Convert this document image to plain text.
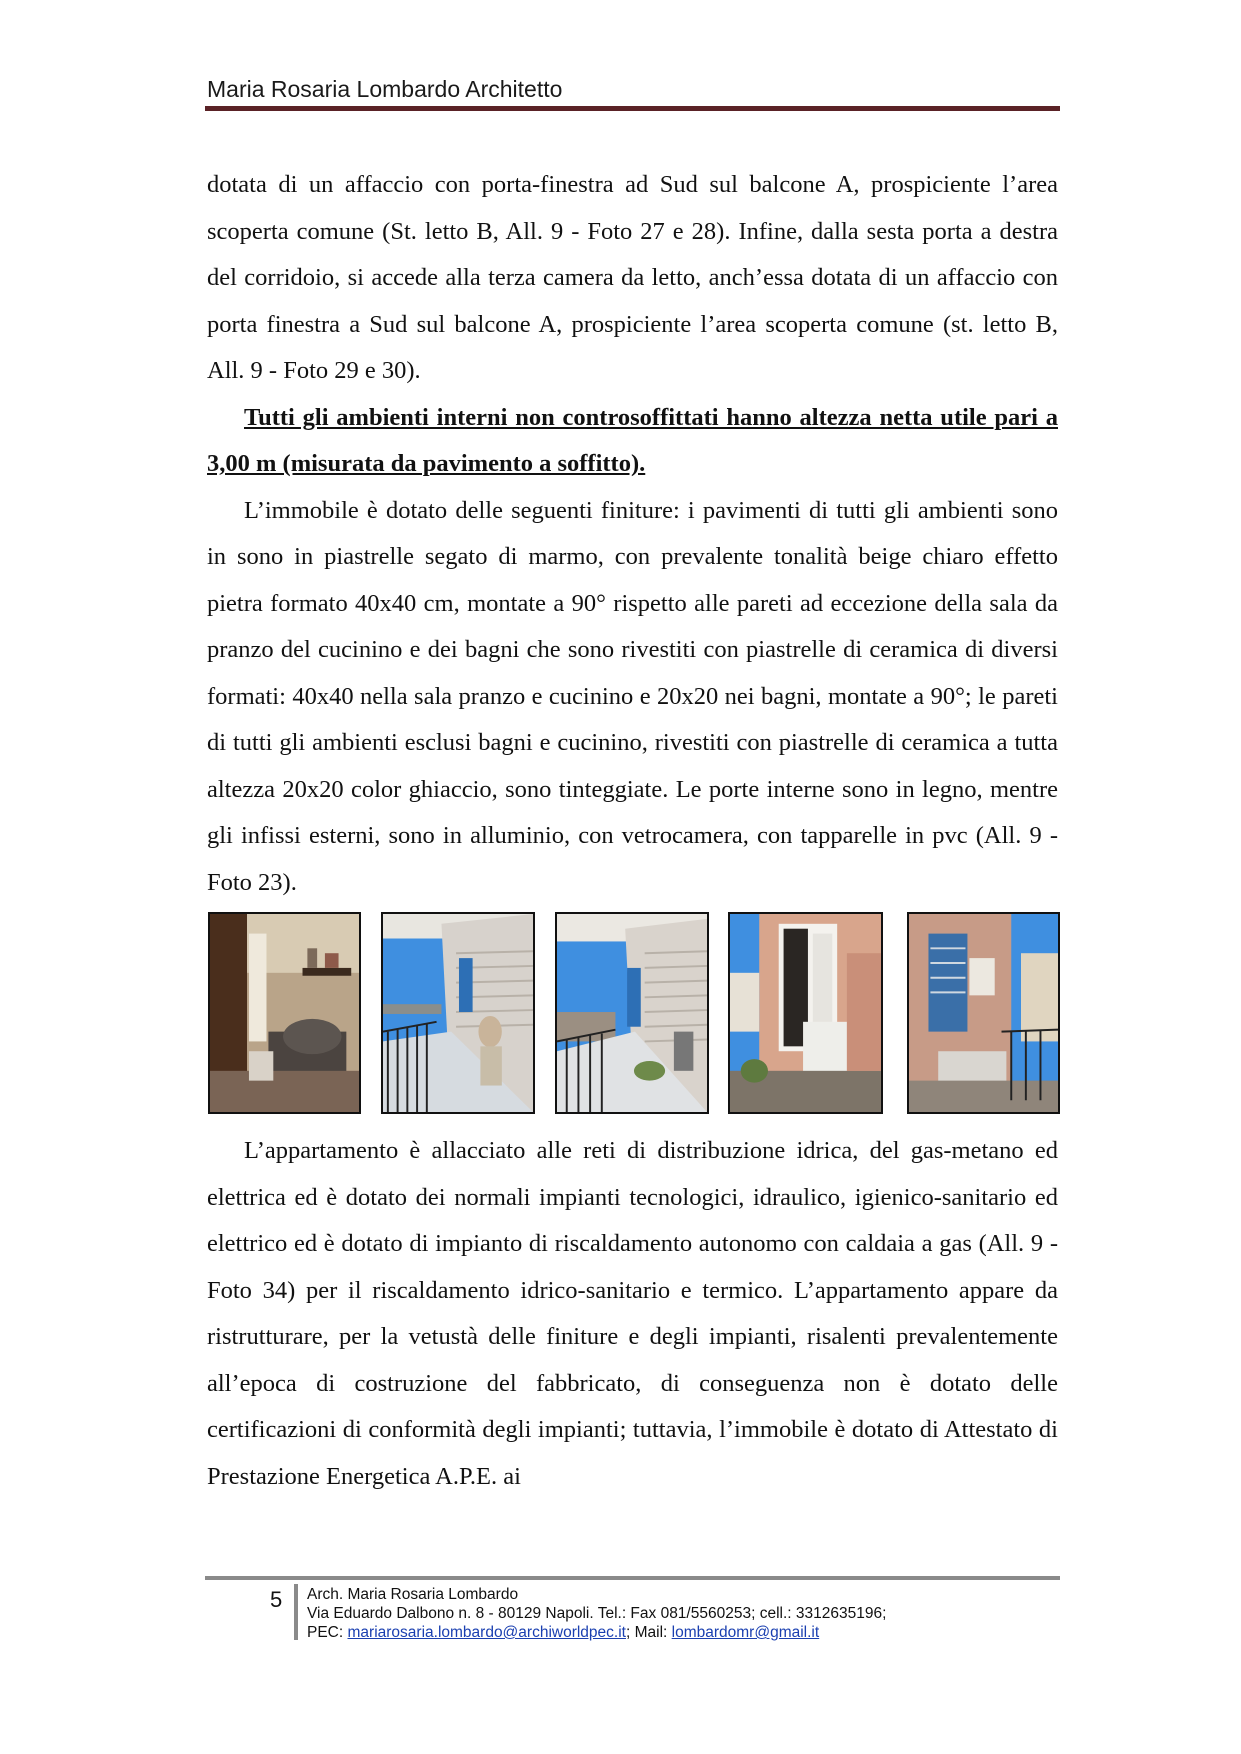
Maria Rosaria Lombardo Architetto

dotata di un affaccio con porta-finestra ad Sud sul balcone A, prospiciente l’area scoperta comune (St. letto B, All. 9 - Foto 27 e 28). Infine, dalla sesta porta a destra del corridoio, si accede alla terza camera da letto, anch’essa dotata di un affaccio con porta finestra a Sud sul balcone A, prospiciente l’area scoperta comune (st. letto B, All. 9 - Foto 29 e 30).

Tutti gli ambienti interni non controsoffittati hanno altezza netta utile pari a 3,00 m (misurata da pavimento a soffitto).

L’immobile è dotato delle seguenti finiture: i pavimenti di tutti gli ambienti sono in sono in piastrelle segato di marmo, con prevalente tonalità beige chiaro effetto pietra formato 40x40 cm, montate a 90° rispetto alle pareti ad eccezione della sala da pranzo del cucinino e dei bagni che sono rivestiti con piastrelle di ceramica di diversi formati: 40x40 nella sala pranzo e cucinino e 20x20 nei bagni, montate a 90°; le pareti di tutti gli ambienti esclusi bagni e cucinino, rivestiti con piastrelle di ceramica a tutta altezza 20x20 color ghiaccio, sono tinteggiate. Le porte interne sono in legno, mentre gli infissi esterni, sono in alluminio, con vetrocamera, con tapparelle in pvc (All. 9 - Foto 23).

L’appartamento è allacciato alle reti di distribuzione idrica, del gas-metano ed elettrica ed è dotato dei normali impianti tecnologici, idraulico, igienico-sanitario ed elettrico ed è dotato di impianto di riscaldamento autonomo con caldaia a gas (All. 9 - Foto 34) per il riscaldamento idrico-sanitario e termico. L’appartamento appare da ristrutturare, per la vetustà delle finiture e degli impianti, risalenti prevalentemente all’epoca di costruzione del fabbricato, di conseguenza non è dotato delle certificazioni di conformità degli impianti; tuttavia, l’immobile è dotato di Attestato di Prestazione Energetica A.P.E. ai

5 Arch. Maria Rosaria Lombardo
Via Eduardo Dalbono n. 8 - 80129 Napoli. Tel.: Fax 081/5560253; cell.: 3312635196;
PEC: mariarosaria.lombardo@archiworldpec.it; Mail: lombardomr@gmail.it
